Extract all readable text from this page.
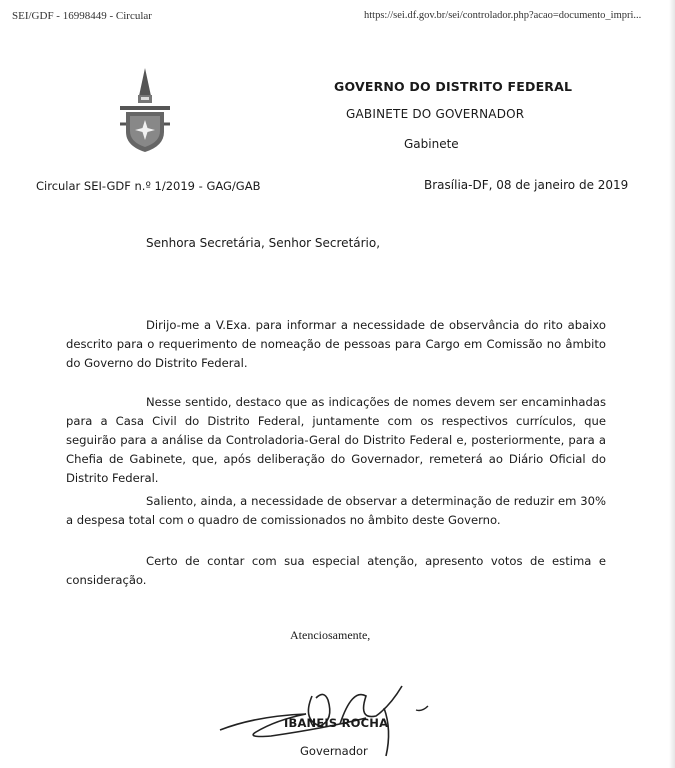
SEI/GDF - 16998449 - Circular	https://sei.df.gov.br/sei/controlador.php?acao=documento_impri...
GOVERNO DO DISTRITO FEDERAL
GABINETE DO GOVERNADOR
Gabinete
Circular SEI-GDF n.º 1/2019 - GAG/GAB	Brasília-DF, 08 de janeiro de 2019
Senhora Secretária, Senhor Secretário,

Dirijo-me a V.Exa. para informar a necessidade de observância do rito abaixo descrito para o requerimento de nomeação de pessoas para Cargo em Comissão no âmbito do Governo do Distrito Federal.

Nesse sentido, destaco que as indicações de nomes devem ser encaminhadas para a Casa Civil do Distrito Federal, juntamente com os respectivos currículos, que seguirão para a análise da Controladoria-Geral do Distrito Federal e, posteriormente, para a Chefia de Gabinete, que, após deliberação do Governador, remeterá ao Diário Oficial do Distrito Federal.

Saliento, ainda, a necessidade de observar a determinação de reduzir em 30% a despesa total com o quadro de comissionados no âmbito deste Governo.

Certo de contar com sua especial atenção, apresento votos de estima e consideração.

Atenciosamente,
IBANEIS ROCHA
Governador
